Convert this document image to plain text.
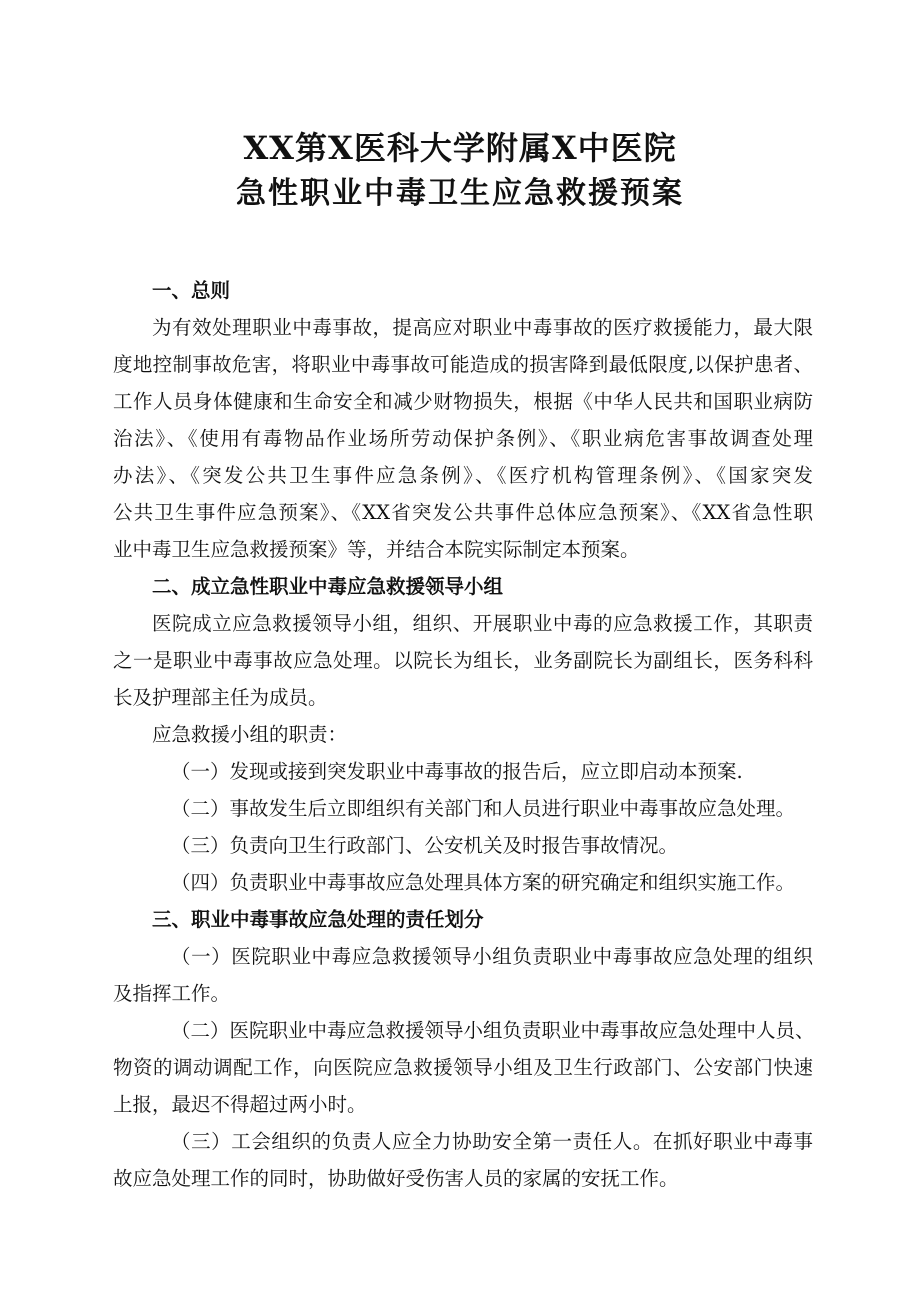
XX第X医科大学附属X中医院
急性职业中毒卫生应急救援预案

一、总则

为有效处理职业中毒事故，提高应对职业中毒事故的医疗救援能力，最大限

度地控制事故危害，将职业中毒事故可能造成的损害降到最低限度,以保护患者、

工作人员身体健康和生命安全和减少财物损失，根据《中华人民共和国职业病防

治法》、《使用有毒物品作业场所劳动保护条例》、《职业病危害事故调查处理

办法》、《突发公共卫生事件应急条例》、《医疗机构管理条例》、《国家突发

公共卫生事件应急预案》、《XX省突发公共事件总体应急预案》、《XX省急性职

业中毒卫生应急救援预案》等，并结合本院实际制定本预案。

二、成立急性职业中毒应急救援领导小组

医院成立应急救援领导小组，组织、开展职业中毒的应急救援工作，其职责

之一是职业中毒事故应急处理。以院长为组长，业务副院长为副组长，医务科科

长及护理部主任为成员。

应急救援小组的职责：

（一）发现或接到突发职业中毒事故的报告后，应立即启动本预案.

（二）事故发生后立即组织有关部门和人员进行职业中毒事故应急处理。

（三）负责向卫生行政部门、公安机关及时报告事故情况。

（四）负责职业中毒事故应急处理具体方案的研究确定和组织实施工作。

三、职业中毒事故应急处理的责任划分

（一）医院职业中毒应急救援领导小组负责职业中毒事故应急处理的组织

及指挥工作。

（二）医院职业中毒应急救援领导小组负责职业中毒事故应急处理中人员、

物资的调动调配工作，向医院应急救援领导小组及卫生行政部门、公安部门快速

上报，最迟不得超过两小时。

（三）工会组织的负责人应全力协助安全第一责任人。在抓好职业中毒事

故应急处理工作的同时，协助做好受伤害人员的家属的安抚工作。
